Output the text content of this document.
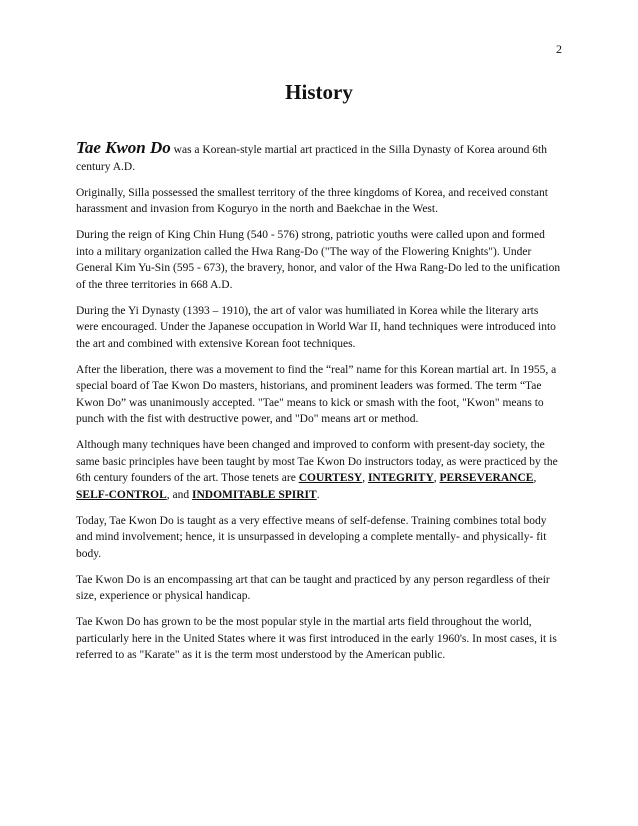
2
History

Tae Kwon Do was a Korean-style martial art practiced in the Silla Dynasty of Korea around 6th century A.D.

Originally, Silla possessed the smallest territory of the three kingdoms of Korea, and received constant harassment and invasion from Koguryo in the north and Baekchae in the West.

During the reign of King Chin Hung (540 - 576) strong, patriotic youths were called upon and formed into a military organization called the Hwa Rang-Do ("The way of the Flowering Knights"). Under General Kim Yu-Sin (595 - 673), the bravery, honor, and valor of the Hwa Rang-Do led to the unification of the three territories in 668 A.D.

During the Yi Dynasty (1393 – 1910), the art of valor was humiliated in Korea while the literary arts were encouraged. Under the Japanese occupation in World War II, hand techniques were introduced into the art and combined with extensive Korean foot techniques.

After the liberation, there was a movement to find the “real” name for this Korean martial art. In 1955, a special board of Tae Kwon Do masters, historians, and prominent leaders was formed. The term “Tae Kwon Do” was unanimously accepted. "Tae" means to kick or smash with the foot, "Kwon" means to punch with the fist with destructive power, and "Do" means art or method.

Although many techniques have been changed and improved to conform with present-day society, the same basic principles have been taught by most Tae Kwon Do instructors today, as were practiced by the 6th century founders of the art. Those tenets are COURTESY, INTEGRITY, PERSEVERANCE, SELF-CONTROL, and INDOMITABLE SPIRIT.

Today, Tae Kwon Do is taught as a very effective means of self-defense. Training combines total body and mind involvement; hence, it is unsurpassed in developing a complete mentally- and physically- fit body.

Tae Kwon Do is an encompassing art that can be taught and practiced by any person regardless of their size, experience or physical handicap.

Tae Kwon Do has grown to be the most popular style in the martial arts field throughout the world, particularly here in the United States where it was first introduced in the early 1960's. In most cases, it is referred to as "Karate" as it is the term most understood by the American public.
